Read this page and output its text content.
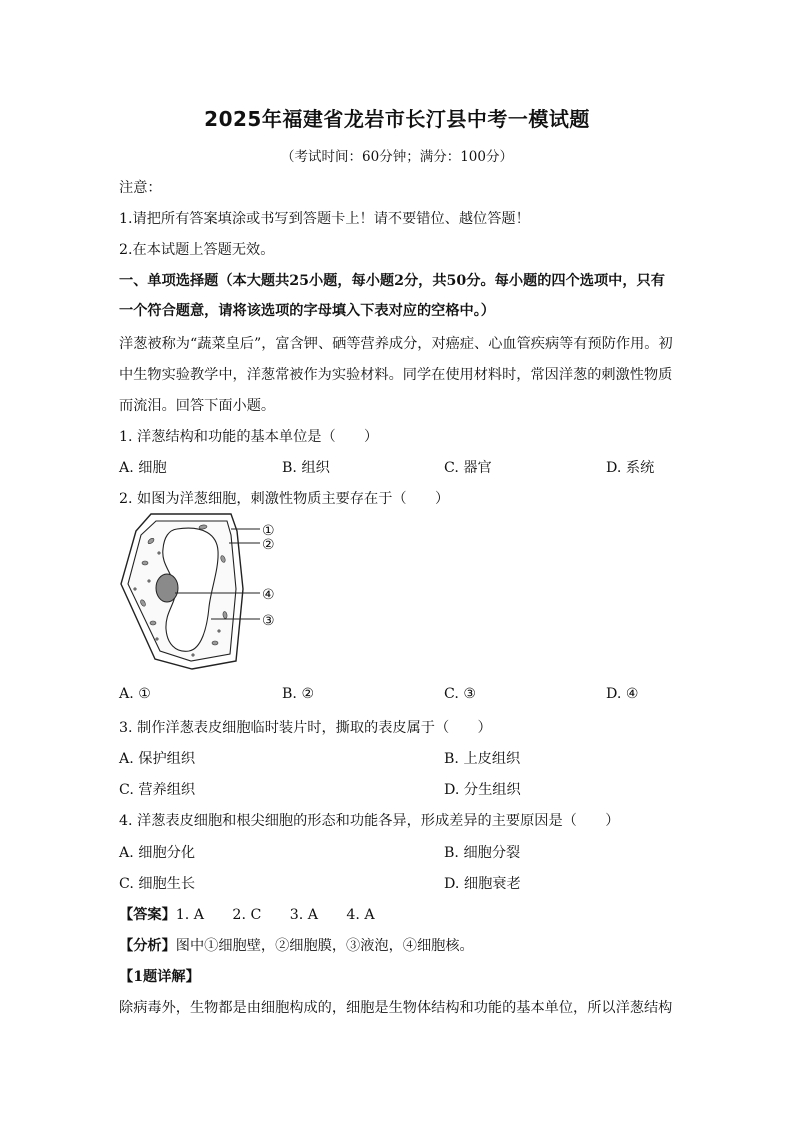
2025年福建省龙岩市长汀县中考一模试题
（考试时间：60分钟；满分：100分）
注意：
1.请把所有答案填涂或书写到答题卡上！请不要错位、越位答题！
2.在本试题上答题无效。
一、单项选择题（本大题共25小题，每小题2分，共50分。每小题的四个选项中，只有
一个符合题意，请将该选项的字母填入下表对应的空格中。）
洋葱被称为“蔬菜皇后”，富含钾、硒等营养成分，对癌症、心血管疾病等有预防作用。初
中生物实验教学中，洋葱常被作为实验材料。同学在使用材料时，常因洋葱的刺激性物质
而流泪。回答下面小题。
1. 洋葱结构和功能的基本单位是（　　）
A. 细胞	B. 组织	C. 器官	D. 系统
2. 如图为洋葱细胞，刺激性物质主要存在于（　　）
①
②
④
③
A. ①	B. ②	C. ③	D. ④
3. 制作洋葱表皮细胞临时装片时，撕取的表皮属于（　　）
A. 保护组织	B. 上皮组织
C. 营养组织	D. 分生组织
4. 洋葱表皮细胞和根尖细胞的形态和功能各异，形成差异的主要原因是（　　）
A. 细胞分化	B. 细胞分裂
C. 细胞生长	D. 细胞衰老
【答案】1. A　　2. C　　3. A　　4. A
【分析】图中①细胞壁，②细胞膜，③液泡，④细胞核。
【1题详解】
除病毒外，生物都是由细胞构成的，细胞是生物体结构和功能的基本单位，所以洋葱结构
